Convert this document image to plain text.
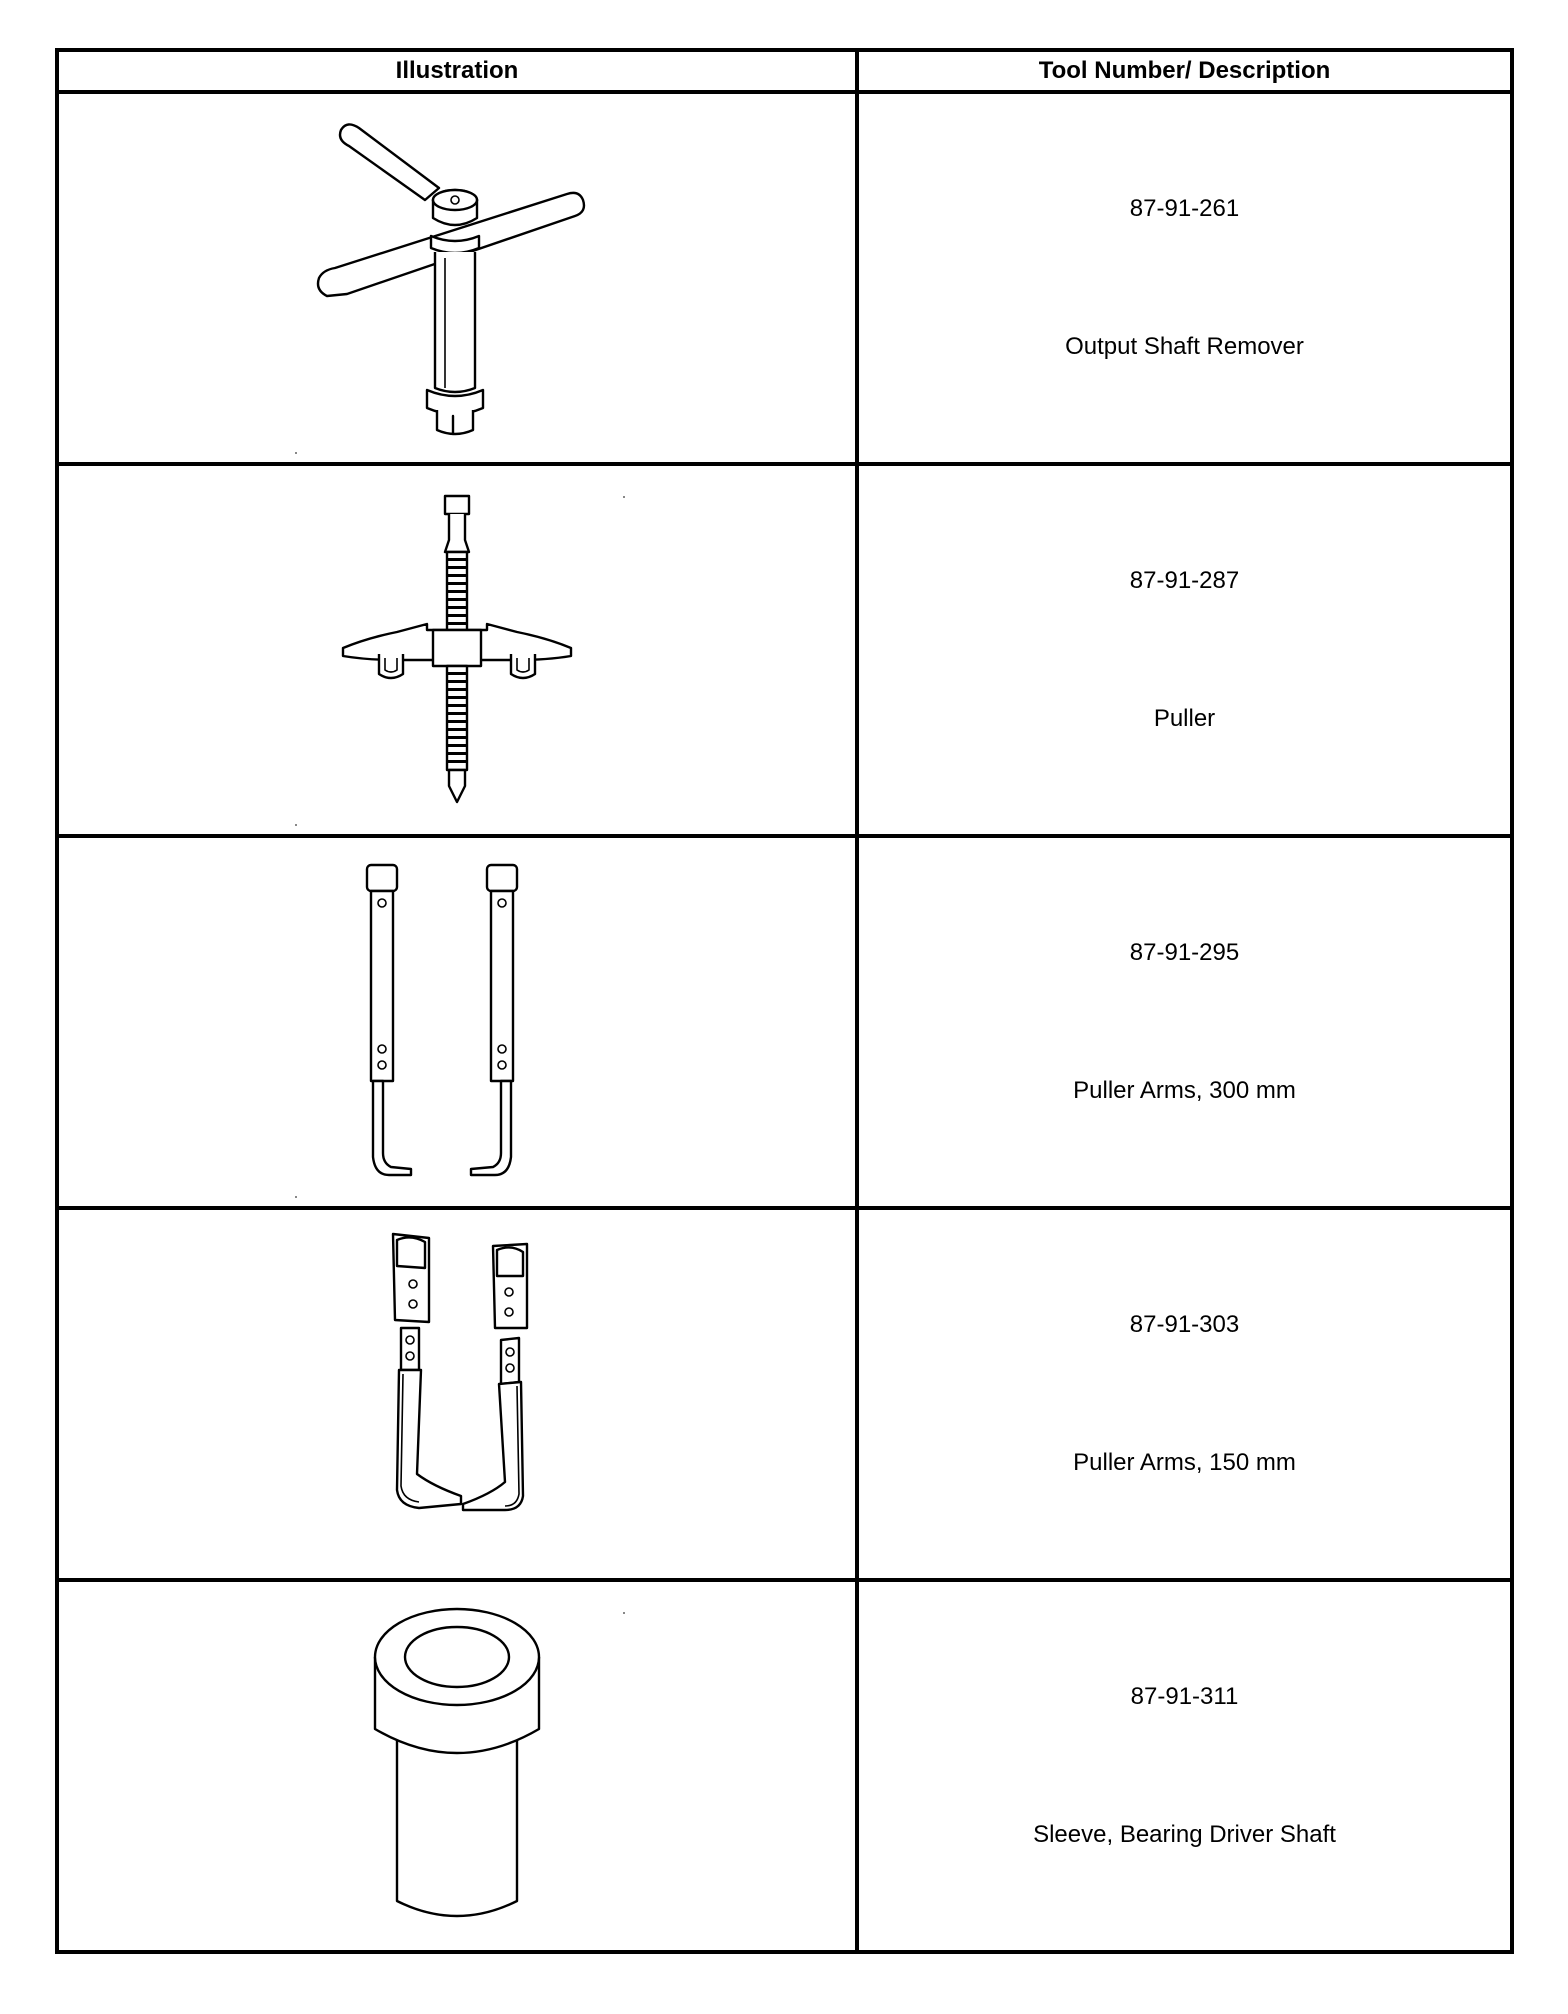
Illustration	Tool Number/ Description

87-91-261
Output Shaft Remover

87-91-287
Puller

87-91-295
Puller Arms, 300 mm

87-91-303
Puller Arms, 150 mm

87-91-311
Sleeve, Bearing Driver Shaft
